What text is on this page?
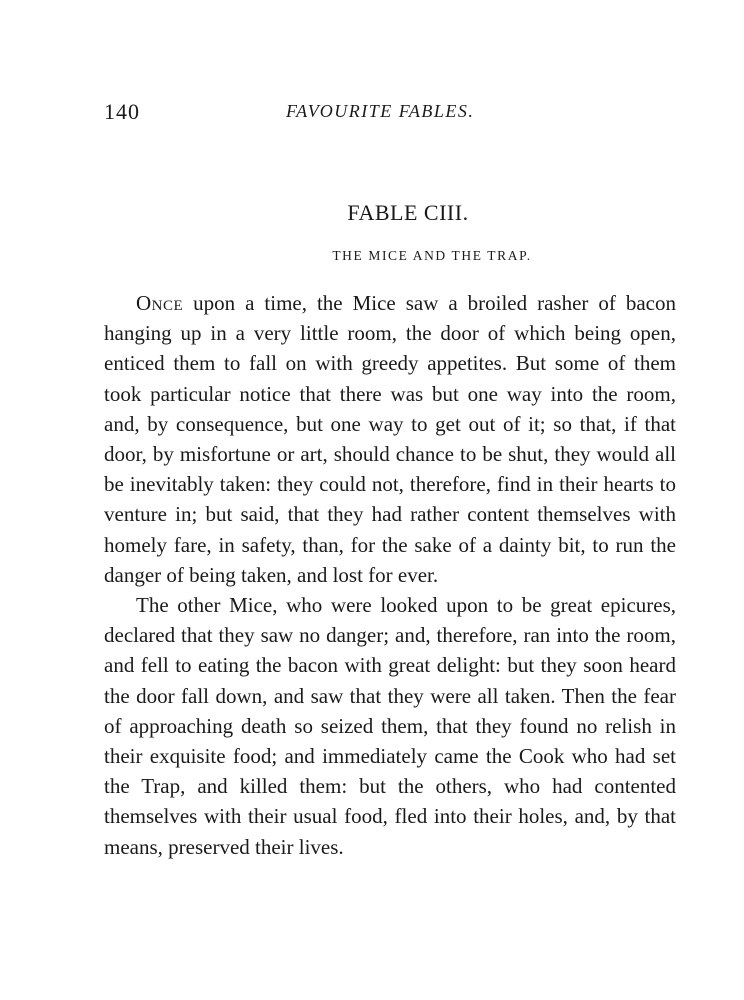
140	FAVOURITE FABLES.
FABLE CIII.
THE MICE AND THE TRAP.

Once upon a time, the Mice saw a broiled rasher of bacon hanging up in a very little room, the door of which being open, enticed them to fall on with greedy appetites. But some of them took particular notice that there was but one way into the room, and, by consequence, but one way to get out of it; so that, if that door, by misfortune or art, should chance to be shut, they would all be inevitably taken: they could not, therefore, find in their hearts to venture in; but said, that they had rather content themselves with homely fare, in safety, than, for the sake of a dainty bit, to run the danger of being taken, and lost for ever.

The other Mice, who were looked upon to be great epicures, declared that they saw no danger; and, therefore, ran into the room, and fell to eating the bacon with great delight: but they soon heard the door fall down, and saw that they were all taken. Then the fear of approaching death so seized them, that they found no relish in their exquisite food; and immediately came the Cook who had set the Trap, and killed them: but the others, who had contented themselves with their usual food, fled into their holes, and, by that means, preserved their lives.
